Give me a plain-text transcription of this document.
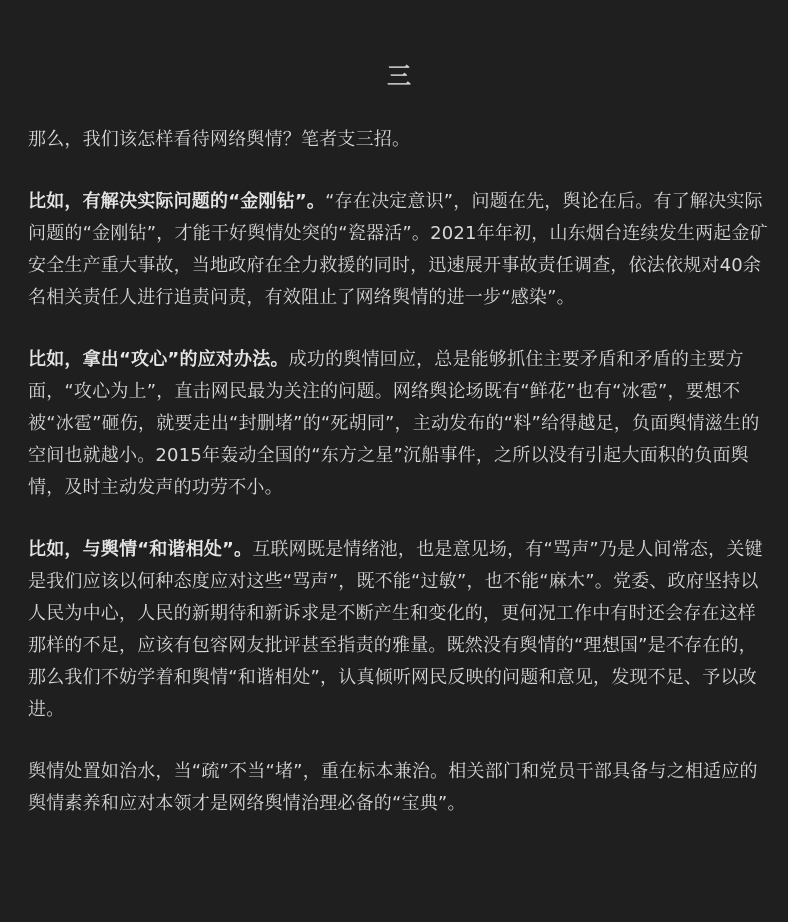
三

那么，我们该怎样看待网络舆情？笔者支三招。

比如，有解决实际问题的“金刚钻”。“存在决定意识”，问题在先，舆论在后。有了解决实际问题的“金刚钻”，才能干好舆情处突的“瓷器活”。2021年年初，山东烟台连续发生两起金矿安全生产重大事故，当地政府在全力救援的同时，迅速展开事故责任调查，依法依规对40余名相关责任人进行追责问责，有效阻止了网络舆情的进一步“感染”。

比如，拿出“攻心”的应对办法。成功的舆情回应，总是能够抓住主要矛盾和矛盾的主要方面，“攻心为上”，直击网民最为关注的问题。网络舆论场既有“鲜花”也有“冰雹”，要想不被“冰雹”砸伤，就要走出“封删堵”的“死胡同”，主动发布的“料”给得越足，负面舆情滋生的空间也就越小。2015年轰动全国的“东方之星”沉船事件，之所以没有引起大面积的负面舆情，及时主动发声的功劳不小。

比如，与舆情“和谐相处”。互联网既是情绪池，也是意见场，有“骂声”乃是人间常态，关键是我们应该以何种态度应对这些“骂声”，既不能“过敏”，也不能“麻木”。党委、政府坚持以人民为中心，人民的新期待和新诉求是不断产生和变化的，更何况工作中有时还会存在这样那样的不足，应该有包容网友批评甚至指责的雅量。既然没有舆情的“理想国”是不存在的，那么我们不妨学着和舆情“和谐相处”，认真倾听网民反映的问题和意见，发现不足、予以改进。

舆情处置如治水，当“疏”不当“堵”，重在标本兼治。相关部门和党员干部具备与之相适应的舆情素养和应对本领才是网络舆情治理必备的“宝典”。
